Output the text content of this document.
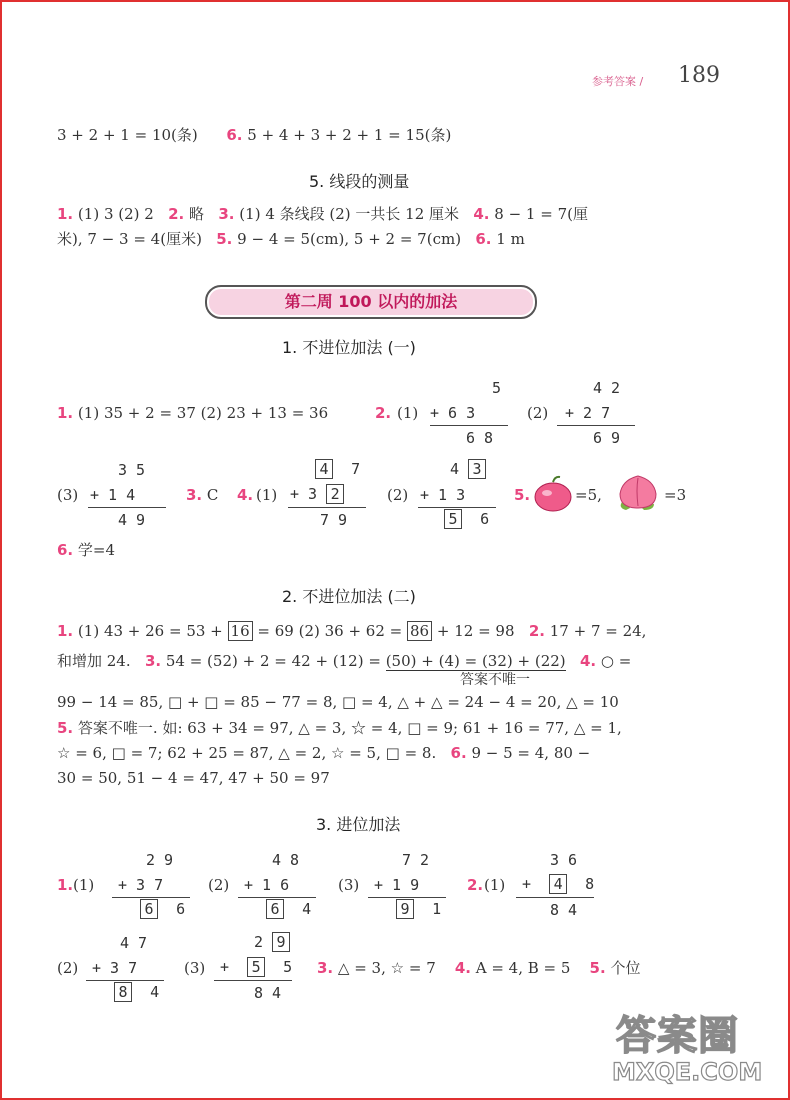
参考答案 / 189
3 + 2 + 1 = 10(条) 6. 5 + 4 + 3 + 2 + 1 = 15(条)
5. 线段的测量
1. (1) 3 (2) 2 2. 略 3. (1) 4 条线段 (2) 一共长 12 厘米 4. 8 − 1 = 7(厘
米), 7 − 3 = 4(厘米) 5. 9 − 4 = 5(cm), 5 + 2 = 7(cm) 6. 1 m
第二周 100 以内的加法
1. 不进位加法 (一)
1. (1) 35 + 2 = 37 (2) 23 + 13 = 36	2. (1)
5
+ 6 3
6 8
(2)
4 2
+ 2 7
6 9
(3)
3 5
+ 1 4
4 9
3. C 4. (1)
4 7
+ 3 2
7 9
(2)
4 3
+ 1 3
5 6
5.	=5,	=3
6. 学=4
2. 不进位加法 (二)
1. (1) 43 + 26 = 53 + 16 = 69 (2) 36 + 62 = 86 + 12 = 98 2. 17 + 7 = 24,
和增加 24. 3. 54 = (52) + 2 = 42 + (12) = (50) + (4) = (32) + (22) 4. ○ =
答案不唯一
99 − 14 = 85, □ + □ = 85 − 77 = 8, □ = 4, △ + △ = 24 − 4 = 20, △ = 10
5. 答案不唯一. 如: 63 + 34 = 97, △ = 3, ☆ = 4, □ = 9; 61 + 16 = 77, △ = 1,
☆ = 6, □ = 7; 62 + 25 = 87, △ = 2, ☆ = 5, □ = 8. 6. 9 − 5 = 4, 80 −
30 = 50, 51 − 4 = 47, 47 + 50 = 97
3. 进位加法
1. (1)
2 9
+ 3 7
6 6
(2)
4 8
+ 1 6
6 4
(3)
7 2
+ 1 9
9 1
2. (1)
3 6
+ 4 8
8 4
(2)
4 7
+ 3 7
8 4
(3)
2 9
+ 5 5
8 4
3. △ = 3, ☆ = 7 4. A = 4, B = 5 5. 个位
答案圈
MXQE.COM
